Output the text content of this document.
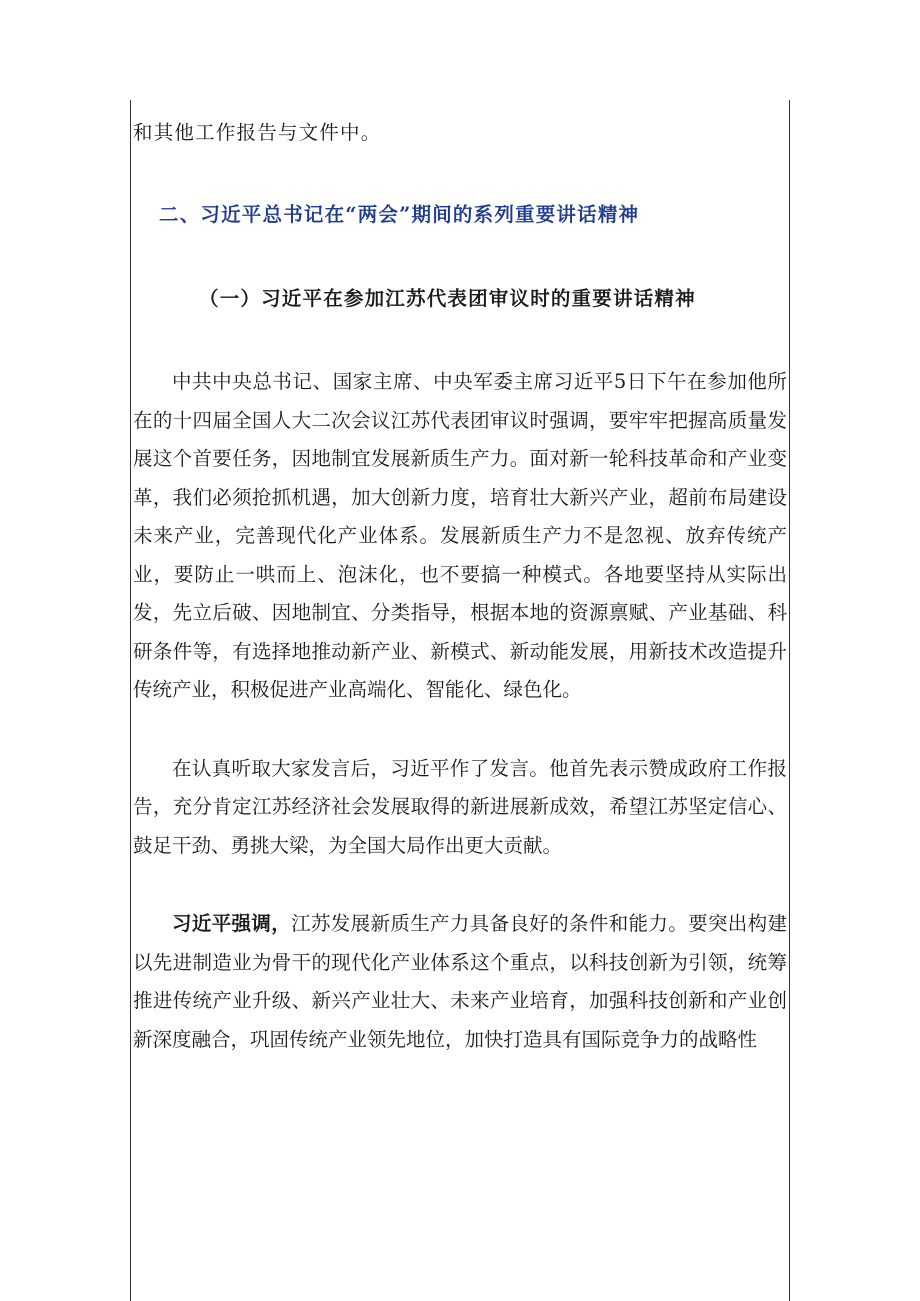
和其他工作报告与文件中。

二、习近平总书记在“两会”期间的系列重要讲话精神

（一）习近平在参加江苏代表团审议时的重要讲话精神

中共中央总书记、国家主席、中央军委主席习近平5日下午在参加他所在的十四届全国人大二次会议江苏代表团审议时强调，要牢牢把握高质量发展这个首要任务，因地制宜发展新质生产力。面对新一轮科技革命和产业变革，我们必须抢抓机遇，加大创新力度，培育壮大新兴产业，超前布局建设未来产业，完善现代化产业体系。发展新质生产力不是忽视、放弃传统产业，要防止一哄而上、泡沫化，也不要搞一种模式。各地要坚持从实际出发，先立后破、因地制宜、分类指导，根据本地的资源禀赋、产业基础、科研条件等，有选择地推动新产业、新模式、新动能发展，用新技术改造提升传统产业，积极促进产业高端化、智能化、绿色化。

在认真听取大家发言后，习近平作了发言。他首先表示赞成政府工作报告，充分肯定江苏经济社会发展取得的新进展新成效，希望江苏坚定信心、鼓足干劲、勇挑大梁，为全国大局作出更大贡献。

习近平强调，江苏发展新质生产力具备良好的条件和能力。要突出构建以先进制造业为骨干的现代化产业体系这个重点，以科技创新为引领，统筹推进传统产业升级、新兴产业壮大、未来产业培育，加强科技创新和产业创新深度融合，巩固传统产业领先地位，加快打造具有国际竞争力的战略性
